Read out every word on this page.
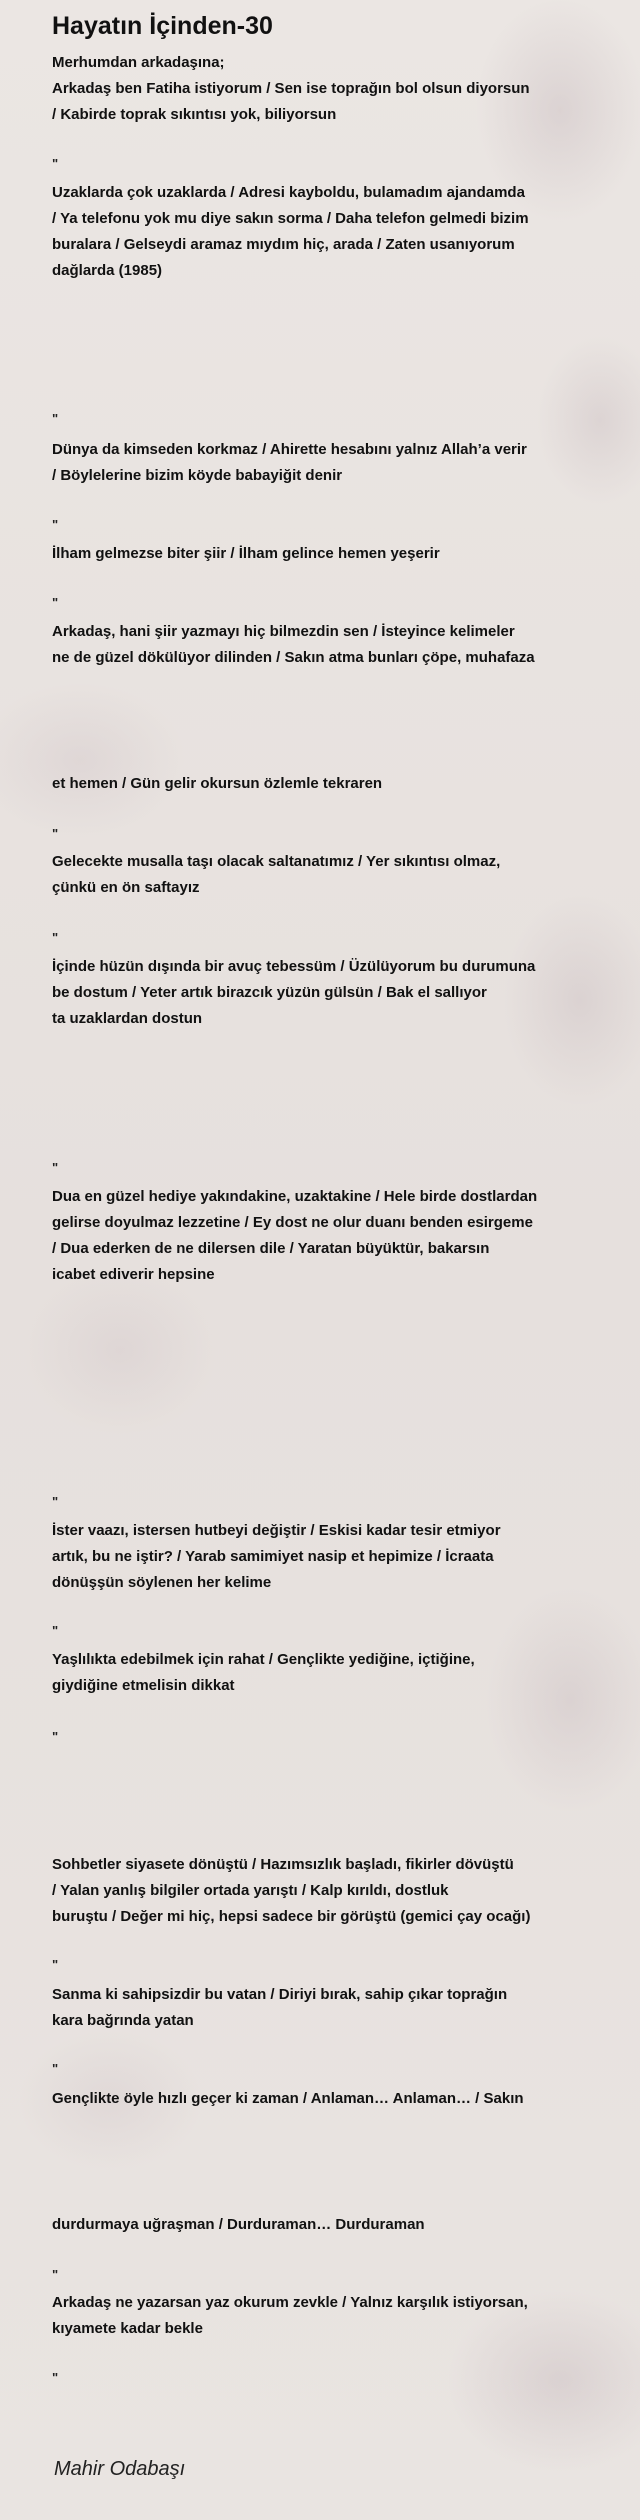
Hayatın İçinden-30
Merhumdan arkadaşına;
Arkadaş ben Fatiha istiyorum / Sen ise toprağın bol olsun diyorsun
/ Kabirde toprak sıkıntısı yok, biliyorsun
"
Uzaklarda çok uzaklarda / Adresi kayboldu, bulamadım ajandamda
/ Ya telefonu yok mu diye sakın sorma / Daha telefon gelmedi bizim
buralara / Gelseydi aramaz mıydım hiç, arada / Zaten usanıyorum
dağlarda (1985)
"
Dünya da kimseden korkmaz / Ahirette hesabını yalnız Allah’a verir
/ Böylelerine bizim köyde babayiğit denir
"
İlham gelmezse biter şiir / İlham gelince hemen yeşerir
"
Arkadaş, hani şiir yazmayı hiç bilmezdin sen / İsteyince kelimeler
ne de güzel dökülüyor dilinden / Sakın atma bunları çöpe, muhafaza
et hemen / Gün gelir okursun özlemle tekraren
"
Gelecekte musalla taşı olacak saltanatımız / Yer sıkıntısı olmaz,
çünkü en ön saftayız
"
İçinde hüzün dışında bir avuç tebessüm / Üzülüyorum bu durumuna
be dostum / Yeter artık birazcık yüzün gülsün / Bak el sallıyor
ta uzaklardan dostun
"
Dua en güzel hediye yakındakine, uzaktakine / Hele birde dostlardan
gelirse doyulmaz lezzetine / Ey dost ne olur duanı benden esirgeme
/ Dua ederken de ne dilersen dile / Yaratan büyüktür, bakarsın
icabet ediverir hepsine
"
İster vaazı, istersen hutbeyi değiştir / Eskisi kadar tesir etmiyor
artık, bu ne iştir? / Yarab samimiyet nasip et hepimize / İcraata
dönüşşün söylenen her kelime
"
Yaşlılıkta edebilmek için rahat / Gençlikte yediğine, içtiğine,
giydiğine etmelisin dikkat
"
Sohbetler siyasete dönüştü / Hazımsızlık başladı, fikirler dövüştü
/ Yalan yanlış bilgiler ortada yarıştı / Kalp kırıldı, dostluk
buruştu / Değer mi hiç, hepsi sadece bir görüştü (gemici çay ocağı)
"
Sanma ki sahipsizdir bu vatan / Diriyi bırak, sahip çıkar toprağın
kara bağrında yatan
"
Gençlikte öyle hızlı geçer ki zaman / Anlaman… Anlaman… / Sakın
durdurmaya uğraşman / Durduraman… Durduraman
"
Arkadaş ne yazarsan yaz okurum zevkle / Yalnız karşılık istiyorsan,
kıyamete kadar bekle
"
Mahir Odabaşı
